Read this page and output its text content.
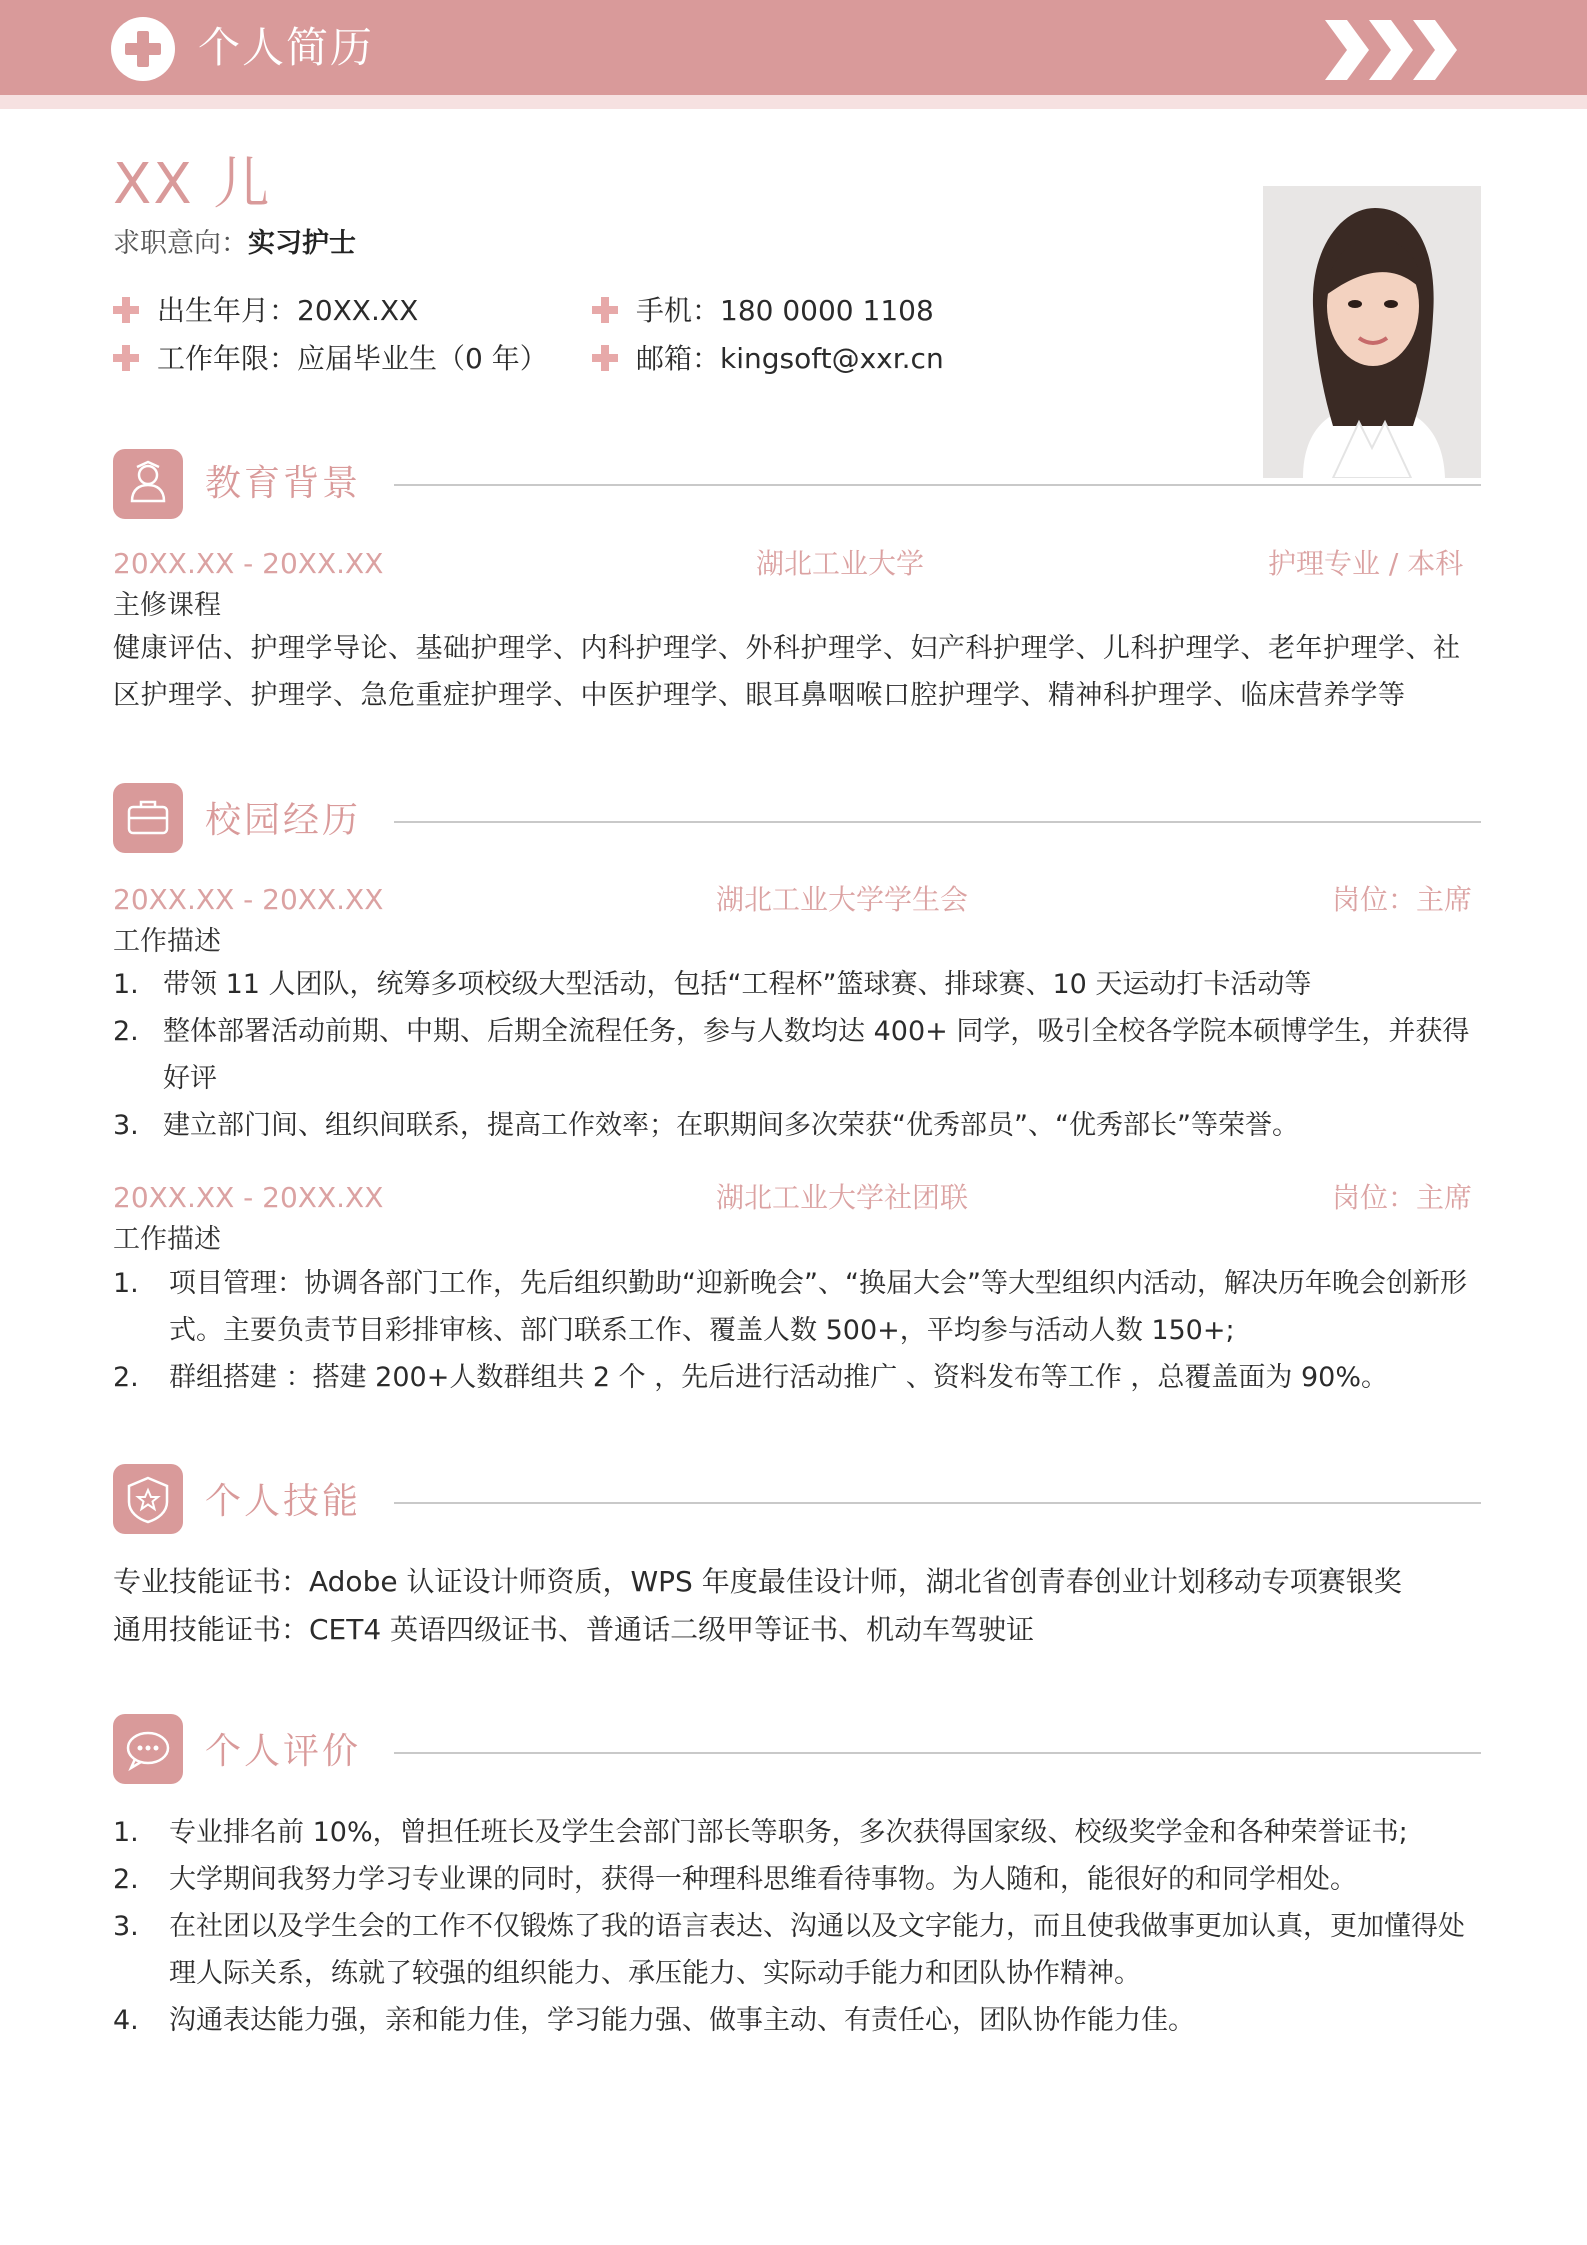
个人简历
XX 儿
求职意向：实习护士
出生年月：20XX.XX
工作年限：应届毕业生（0 年）
手机：180 0000 1108
邮箱：kingsoft@xxr.cn
教育背景
20XX.XX - 20XX.XX	湖北工业大学	护理专业 / 本科
主修课程
健康评估、护理学导论、基础护理学、内科护理学、外科护理学、妇产科护理学、儿科护理学、老年护理学、社区护理学、护理学、急危重症护理学、中医护理学、眼耳鼻咽喉口腔护理学、精神科护理学、临床营养学等
校园经历
20XX.XX - 20XX.XX	湖北工业大学学生会	岗位：主席
工作描述
1. 带领 11 人团队，统筹多项校级大型活动，包括“工程杯”篮球赛、排球赛、10 天运动打卡活动等
2. 整体部署活动前期、中期、后期全流程任务，参与人数均达 400+ 同学，吸引全校各学院本硕博学生，并获得好评
3. 建立部门间、组织间联系，提高工作效率；在职期间多次荣获“优秀部员”、“优秀部长”等荣誉。
20XX.XX - 20XX.XX	湖北工业大学社团联	岗位：主席
工作描述
1. 项目管理：协调各部门工作，先后组织勤助“迎新晚会”、“换届大会”等大型组织内活动，解决历年晚会创新形式。主要负责节目彩排审核、部门联系工作、覆盖人数 500+，平均参与活动人数 150+;
2. 群组搭建 ：搭建 200+人数群组共 2 个 ，先后进行活动推广 、资料发布等工作 ，总覆盖面为 90%。
个人技能
专业技能证书：Adobe 认证设计师资质，WPS 年度最佳设计师，湖北省创青春创业计划移动专项赛银奖
通用技能证书：CET4 英语四级证书、普通话二级甲等证书、机动车驾驶证
个人评价
1. 专业排名前 10%，曾担任班长及学生会部门部长等职务，多次获得国家级、校级奖学金和各种荣誉证书;
2. 大学期间我努力学习专业课的同时，获得一种理科思维看待事物。为人随和，能很好的和同学相处。
3. 在社团以及学生会的工作不仅锻炼了我的语言表达、沟通以及文字能力，而且使我做事更加认真，更加懂得处理人际关系，练就了较强的组织能力、承压能力、实际动手能力和团队协作精神。
4. 沟通表达能力强，亲和能力佳，学习能力强、做事主动、有责任心，团队协作能力佳。
